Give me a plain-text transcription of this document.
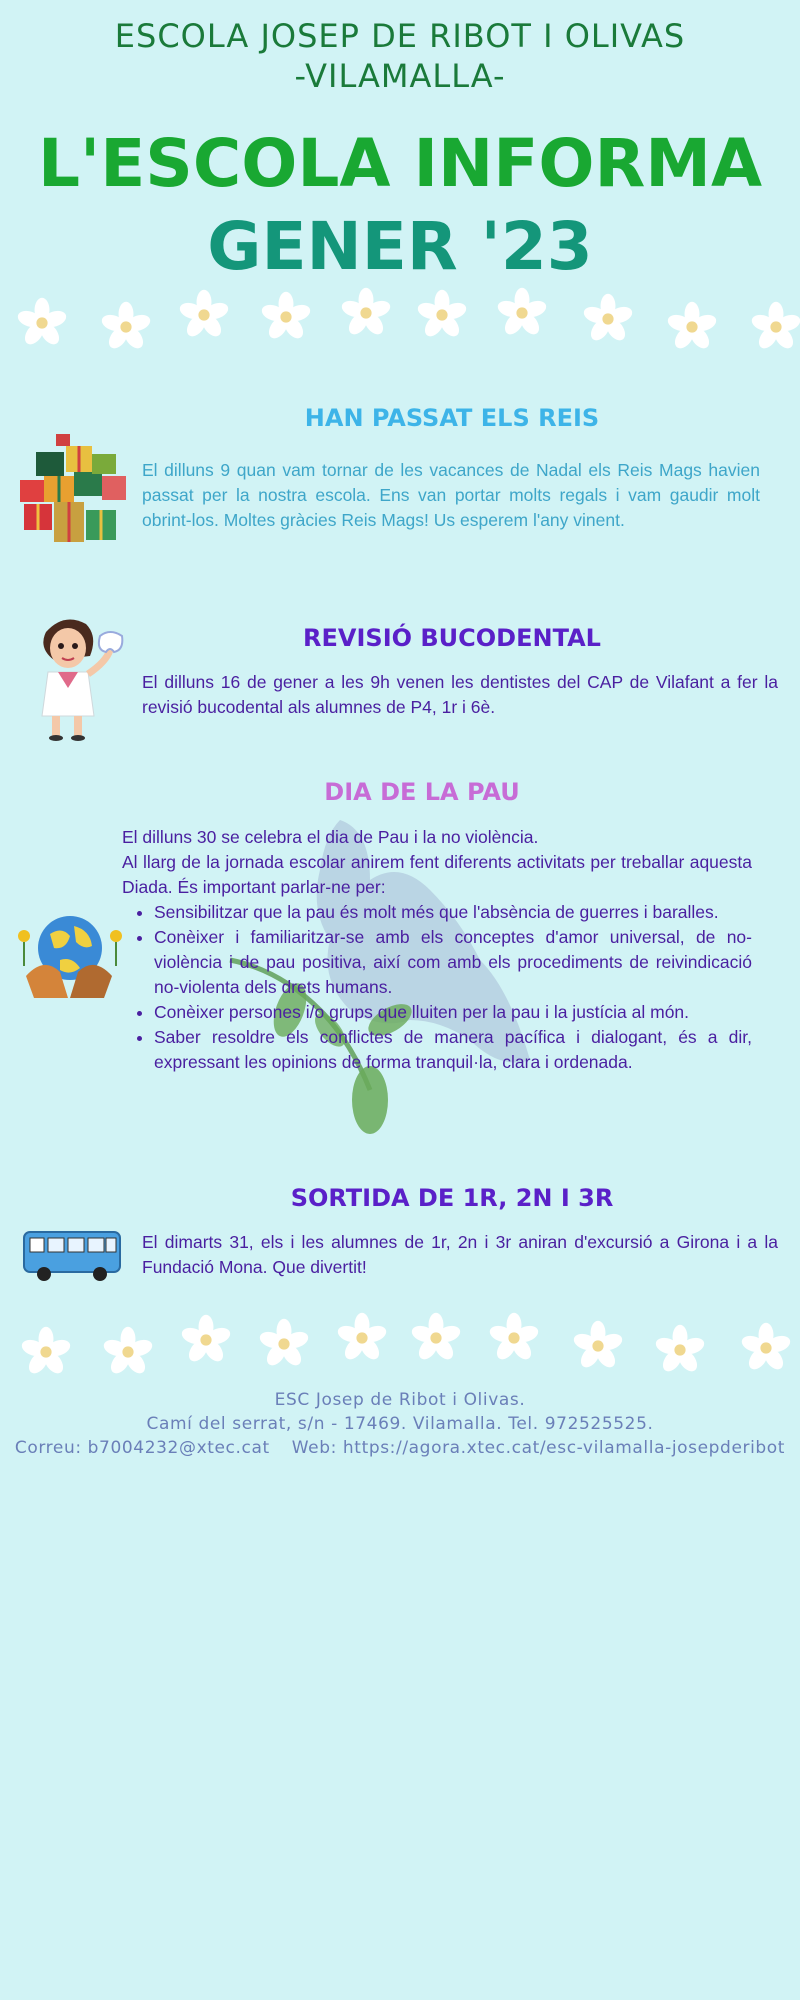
ESCOLA JOSEP DE RIBOT I OLIVAS
-VILAMALLA-
L'ESCOLA INFORMA
GENER '23
HAN PASSAT ELS REIS
El dilluns 9 quan vam tornar de les vacances de Nadal els Reis Mags havien passat per la nostra escola. Ens van portar molts regals i vam gaudir molt obrint-los. Moltes gràcies Reis Mags! Us esperem l'any vinent.
REVISIÓ BUCODENTAL
El dilluns 16 de gener a les 9h venen les dentistes del CAP de Vilafant a fer la revisió bucodental als alumnes de P4, 1r i 6è.
DIA DE LA PAU
El dilluns 30 se celebra el dia de Pau i la no violència.
Al llarg de la jornada escolar anirem fent diferents activitats per treballar aquesta Diada. És important parlar-ne per:
• Sensibilitzar que la pau és molt més que l'absència de guerres i baralles.
• Conèixer i familiaritzar-se amb els conceptes d'amor universal, de no-violència i de pau positiva, així com amb els procediments de reivindicació no-violenta dels drets humans.
• Conèixer persones i/o grups que lluiten per la pau i la justícia al món.
• Saber resoldre els conflictes de manera pacífica i dialogant, és a dir, expressant les opinions de forma tranquil·la, clara i ordenada.
SORTIDA DE 1R, 2N I 3R
El dimarts 31, els i les alumnes de 1r, 2n i 3r aniran d'excursió a Girona i a la Fundació Mona. Que divertit!
ESC Josep de Ribot i Olivas.
Camí del serrat, s/n - 17469. Vilamalla. Tel. 972525525.
Correu: b7004232@xtec.cat Web: https://agora.xtec.cat/esc-vilamalla-josepderibot
